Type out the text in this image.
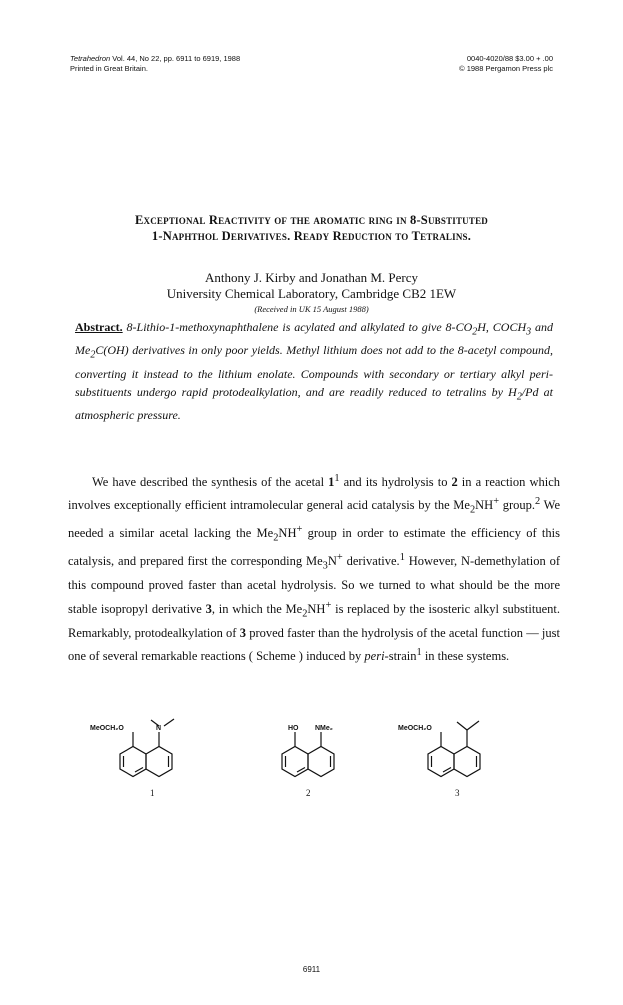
Tetrahedron Vol. 44, No 22, pp. 6911 to 6919, 1988
Printed in Great Britain.
0040-4020/88 $3.00 + .00
© 1988 Pergamon Press plc
Exceptional Reactivity of the aromatic ring in 8-Substituted
1-Naphthol Derivatives. Ready Reduction to Tetralins.
Anthony J. Kirby and Jonathan M. Percy
University Chemical Laboratory, Cambridge CB2 1EW
(Received in UK 15 August 1988)
Abstract. 8-Lithio-1-methoxynaphthalene is acylated and alkylated to give $8-CO_2H$, $COCH_3$ and $Me_2C(OH)$ derivatives in only poor yields. Methyl lithium does not add to the 8-acetyl compound, converting it instead to the lithium enolate. Compounds with secondary or tertiary alkyl peri-substituents undergo rapid protodealkylation, and are readily reduced to tetralins by $H_2/Pd$ at atmospheric pressure.

We have described the synthesis of the acetal $1^1$ and its hydrolysis to 2 in a reaction which involves exceptionally efficient intramolecular general acid catalysis by the $Me_2NH^+$ group.$^2$ We needed a similar acetal lacking the $Me_2NH^+$ group in order to estimate the efficiency of this catalysis, and prepared first the corresponding $Me_3N^+$ derivative.$^1$ However, N-demethylation of this compound proved faster than acetal hydrolysis. So we turned to what should be the more stable isopropyl derivative 3, in which the $Me_2NH^+$ is replaced by the isosteric alkyl substituent. Remarkably, protodealkylation of 3 proved faster than the hydrolysis of the acetal function — just one of several remarkable reactions ( Scheme ) induced by peri-strain$^1$ in these systems.

MeOCH₂O	N
1
HO NMe₂
2
MeOCH₂O
3
6911
